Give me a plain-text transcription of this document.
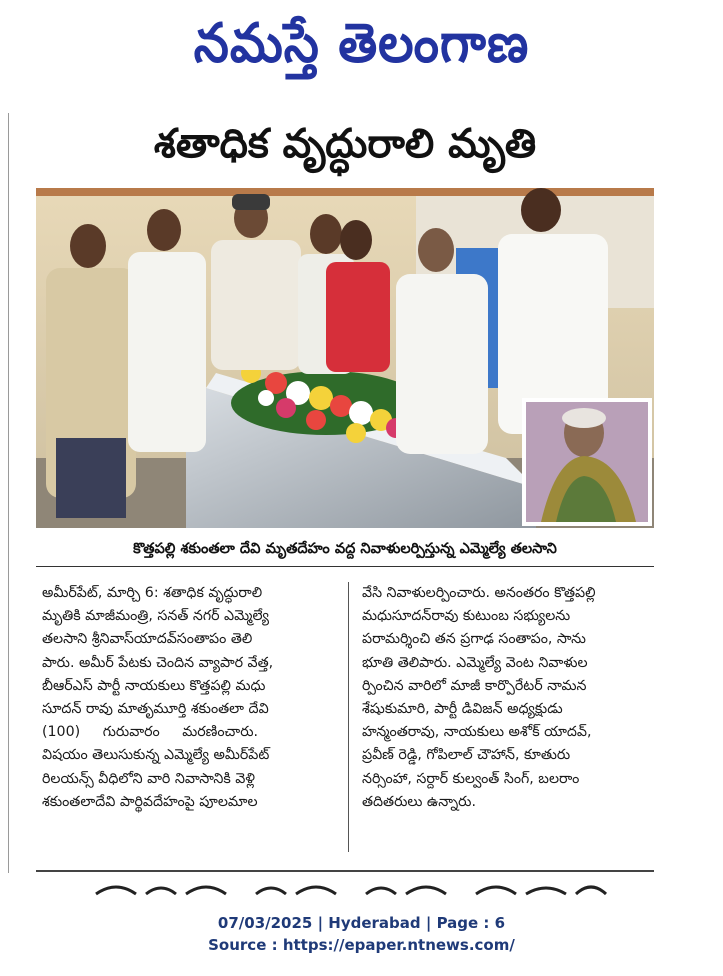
నమస్తే తెలంగాణ
శతాధిక వృద్ధురాలి మృతి
కొత్తపల్లి శకుంతలా దేవి మృతదేహం వద్ద నివాళులర్పిస్తున్న ఎమ్మెల్యే తలసాని

అమీర్‌పేట్, మార్చి 6: శతాధిక వృద్ధురాలి

మృతికి మాజీమంత్రి, సనత్ నగర్ ఎమ్మెల్యే

తలసాని శ్రీనివాస్‌యాదవ్‌సంతాపం తెలి

పారు. అమీర్ పేటకు చెందిన వ్యాపార వేత్త,

బీఆర్‌ఎస్ పార్టీ నాయకులు కొత్తపల్లి మధు

సూదన్ రావు మాతృమూర్తి శకుంతలా దేవి

(100)     గురువారం     మరణించారు.

విషయం తెలుసుకున్న ఎమ్మెల్యే అమీర్‌పేట్

రిలయన్స్ వీధిలోని వారి నివాసానికి వెళ్లి

శకుంతలాదేవి పార్థివదేహంపై పూలమాల

వేసి నివాళులర్పించారు. అనంతరం కొత్తపల్లి

మధుసూదన్‌రావు కుటుంబ సభ్యులను

పరామర్శించి తన ప్రగాఢ సంతాపం, సాను

భూతి తెలిపారు. ఎమ్మెల్యే వెంట నివాళుల

ర్పించిన వారిలో మాజీ కార్పొరేటర్ నామన

శేషుకుమారి, పార్టీ డివిజన్ అధ్యక్షుడు

హన్మంతరావు, నాయకులు అశోక్ యాదవ్,

ప్రవీణ్ రెడ్డి, గోపిలాల్ చౌహాన్, కూతురు

నర్సింహా, సర్దార్ కుల్వంత్ సింగ్, బలరాం

తదితరులు ఉన్నారు.

07/03/2025 | Hyderabad | Page : 6
Source : https://epaper.ntnews.com/
